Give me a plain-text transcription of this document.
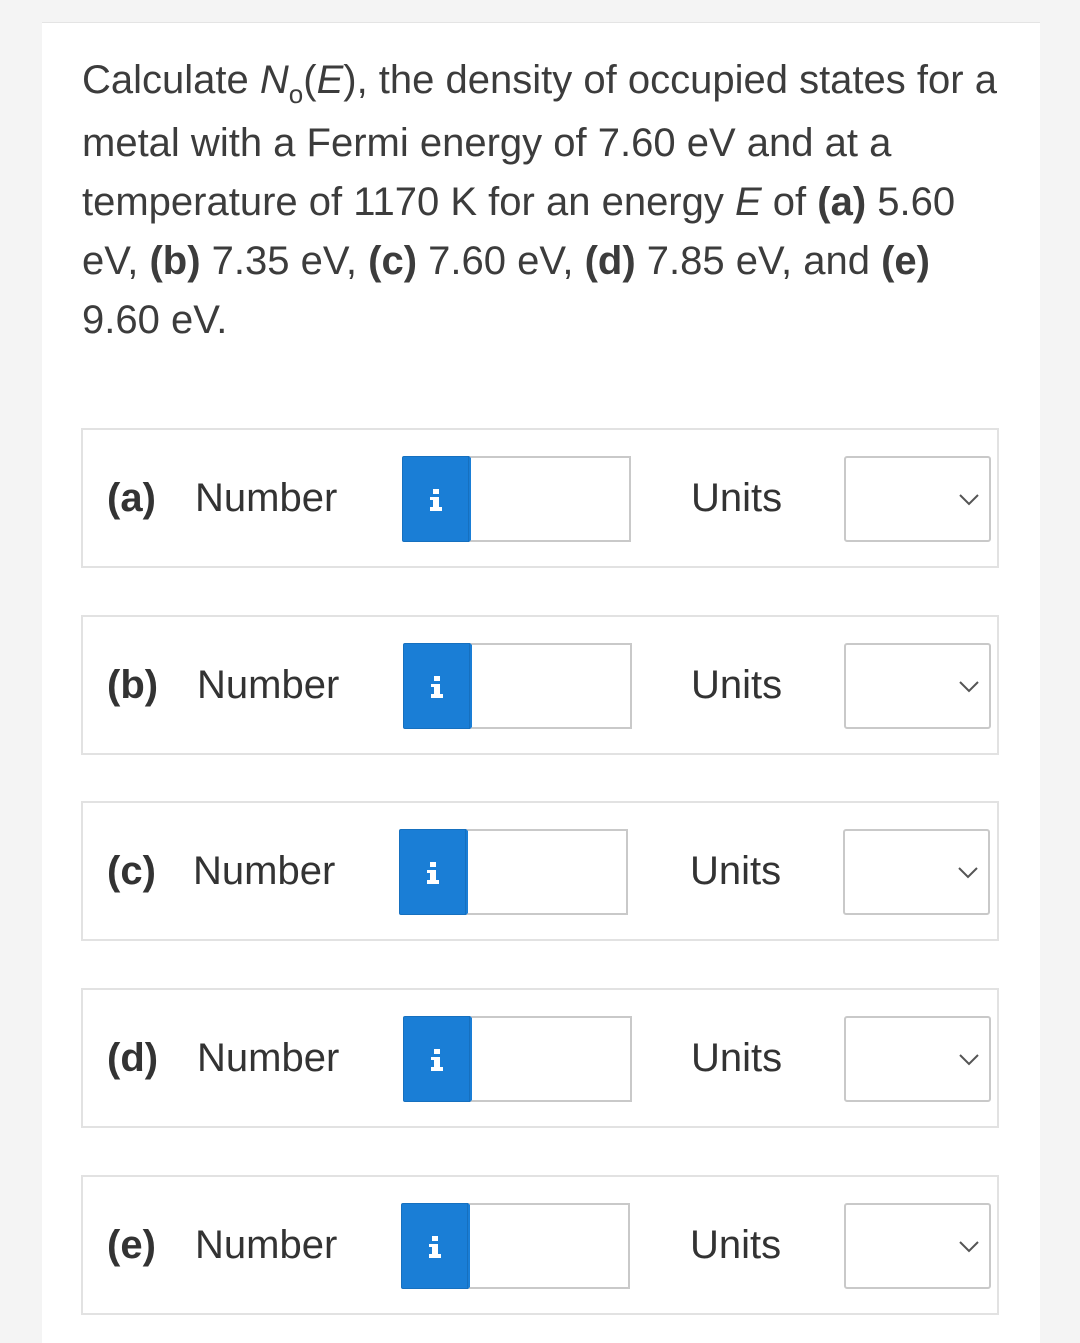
Calculate $N_o(E)$, the density of occupied states for a metal with a Fermi energy of 7.60 eV and at a temperature of 1170 K for an energy E of (a) 5.60 eV, (b) 7.35 eV, (c) 7.60 eV, (d) 7.85 eV, and (e) 9.60 eV.

(a) Number	Units
(b) Number	Units
(c) Number	Units
(d) Number	Units
(e) Number	Units
